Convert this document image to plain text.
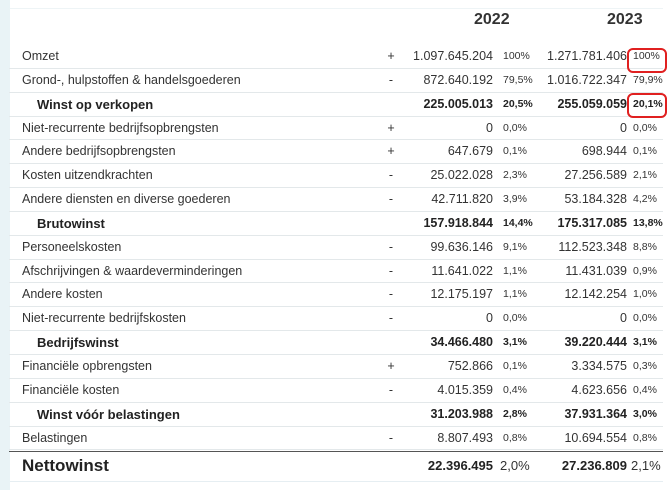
2022	2023
Omzet	+ 1.097.645.204 100% 1.271.781.406 100%
Grond-, hulpstoffen & handelsgoederen	-	872.640.192 79,5% 1.016.722.347 79,9%
Winst op verkopen	225.005.013 20,5% 255.059.059 20,1%
Niet-recurrente bedrijfsopbrengsten	+	0 0,0%	0 0,0%
Andere bedrijfsopbrengsten	+	647.679 0,1%	698.944 0,1%
Kosten uitzendkrachten	-	25.022.028 2,3%	27.256.589 2,1%
Andere diensten en diverse goederen	-	42.711.820 3,9%	53.184.328 4,2%
Brutowinst	157.918.844 14,4% 175.317.085 13,8%
Personeelskosten	-	99.636.146 9,1%	112.523.348 8,8%
Afschrijvingen & waardeverminderingen	-	11.641.022 1,1%	11.431.039 0,9%
Andere kosten	-	12.175.197 1,1%	12.142.254 1,0%
Niet-recurrente bedrijfskosten	-	0 0,0%	0 0,0%
Bedrijfswinst	34.466.480 3,1%	39.220.444 3,1%
Financiële opbrengsten	+	752.866 0,1%	3.334.575 0,3%
Financiële kosten	-	4.015.359 0,4%	4.623.656 0,4%
Winst vóór belastingen	31.203.988 2,8%	37.931.364 3,0%
Belastingen	-	8.807.493 0,8%	10.694.554 0,8%
Nettowinst	22.396.495 2,0% 27.236.809 2,1%
